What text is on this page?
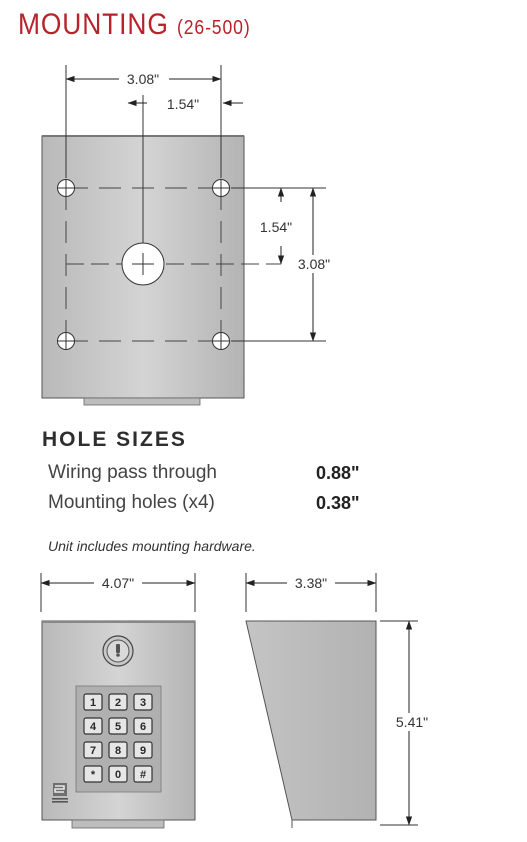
MOUNTING (26-500)
3.08"
1.54"
1.54"
3.08"
4.07"
1 2 3
4 5 6
7 8 9
* 0 #
3.38"
5.41"
HOLE SIZES
Wiring pass through	0.88"
Mounting holes (x4)	0.38"
Unit includes mounting hardware.
